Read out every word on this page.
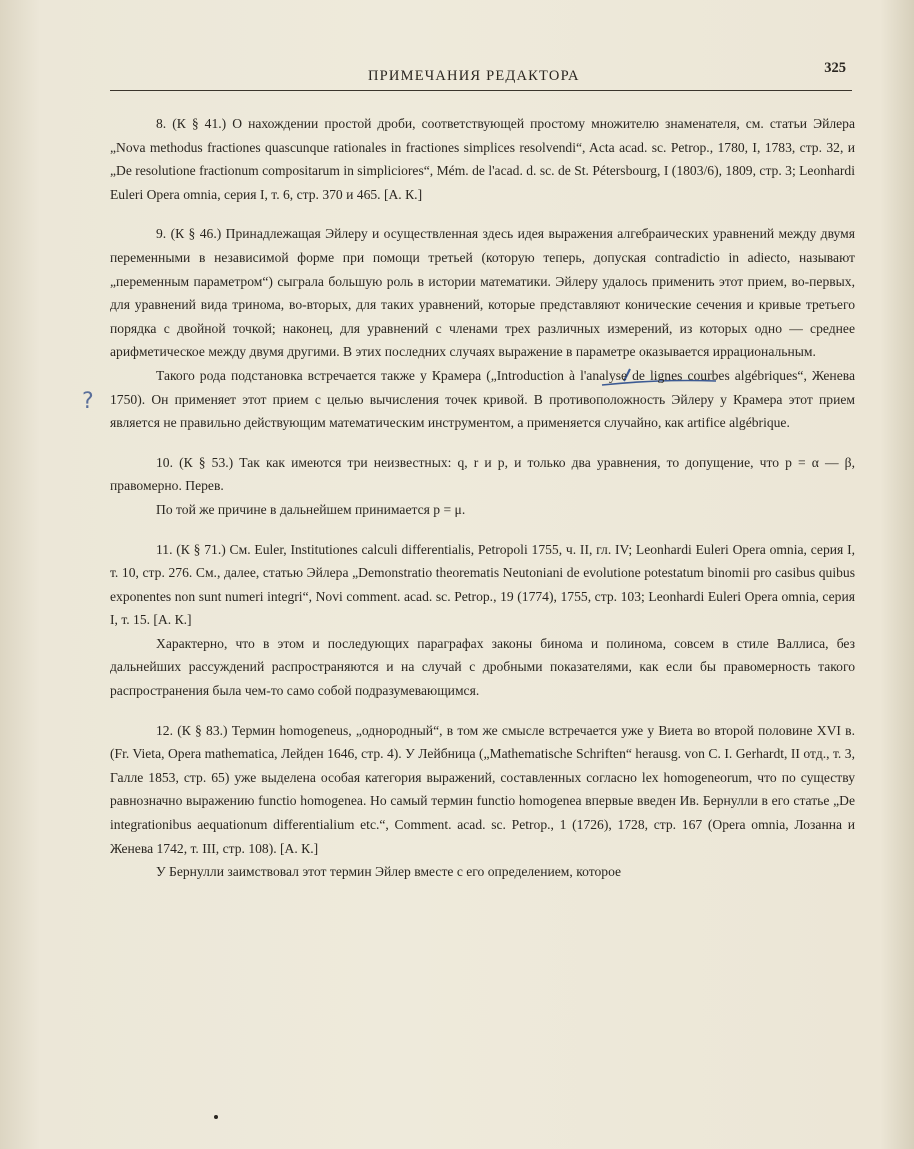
ПРИМЕЧАНИЯ РЕДАКТОРА	325
?

8. (К § 41.) О нахождении простой дроби, соответствующей простому множителю знаменателя, см. статьи Эйлера „Nova methodus fractiones quascunque rationales in fractiones simplices resolvendi“, Acta acad. sc. Petrop., 1780, I, 1783, стр. 32, и „De resolutione fractionum compositarum in simpliciores“, Mém. de l'acad. d. sc. de St. Pétersbourg, I (1803/6), 1809, стр. 3; Leonhardi Euleri Opera omnia, серия I, т. 6, стр. 370 и 465. [А. К.]

9. (К § 46.) Принадлежащая Эйлеру и осуществленная здесь идея выражения алгебраических уравнений между двумя переменными в независимой форме при помощи третьей (которую теперь, допуская contradictio in adiecto, называют „переменным параметром“) сыграла большую роль в истории математики. Эйлеру удалось применить этот прием, во-первых, для уравнений вида тринома, во-вторых, для таких уравнений, которые представляют конические сечения и кривые третьего порядка с двойной точкой; наконец, для уравнений с членами трех различных измерений, из которых одно — среднее арифметическое между двумя другими. В этих последних случаях выражение в параметре оказывается иррациональным.

Такого рода подстановка встречается также у Крамера („Introduction à l'analyse de lignes courbes algébriques“, Женева 1750). Он применяет этот прием с целью вычисления точек кривой. В противоположность Эйлеру у Крамера этот прием является не правильно действующим математическим инструментом, а применяется случайно, как artifice algébrique.

10. (К § 53.) Так как имеются три неизвестных: q, r и p, и только два уравнения, то допущение, что p = α — β, правомерно. Перев.

По той же причине в дальнейшем принимается p = μ.

11. (К § 71.) См. Euler, Institutiones calculi differentialis, Petropoli 1755, ч. II, гл. IV; Leonhardi Euleri Opera omnia, серия I, т. 10, стр. 276. См., далее, статью Эйлера „Demonstratio theorematis Neutoniani de evolutione potestatum binomii pro casibus quibus exponentes non sunt numeri integri“, Novi comment. acad. sc. Petrop., 19 (1774), 1755, стр. 103; Leonhardi Euleri Opera omnia, серия I, т. 15. [А. К.]

Характерно, что в этом и последующих параграфах законы бинома и полинома, совсем в стиле Валлиса, без дальнейших рассуждений распространяются и на случай с дробными показателями, как если бы правомерность такого распространения была чем-то само собой подразумевающимся.

12. (К § 83.) Термин homogeneus, „однородный“, в том же смысле встречается уже у Виета во второй половине XVI в. (Fr. Vieta, Opera mathematica, Лейден 1646, стр. 4). У Лейбница („Mathematische Schriften“ herausg. von C. I. Gerhardt, II отд., т. 3, Галле 1853, стр. 65) уже выделена особая категория выражений, составленных согласно lex homogeneorum, что по существу равнозначно выражению functio homogenea. Но самый термин functio homogenea впервые введен Ив. Бернулли в его статье „De integrationibus aequationum differentialium etc.“, Comment. acad. sc. Petrop., 1 (1726), 1728, стр. 167 (Opera omnia, Лозанна и Женева 1742, т. III, стр. 108). [А. К.]

У Бернулли заимствовал этот термин Эйлер вместе с его определением, которое
